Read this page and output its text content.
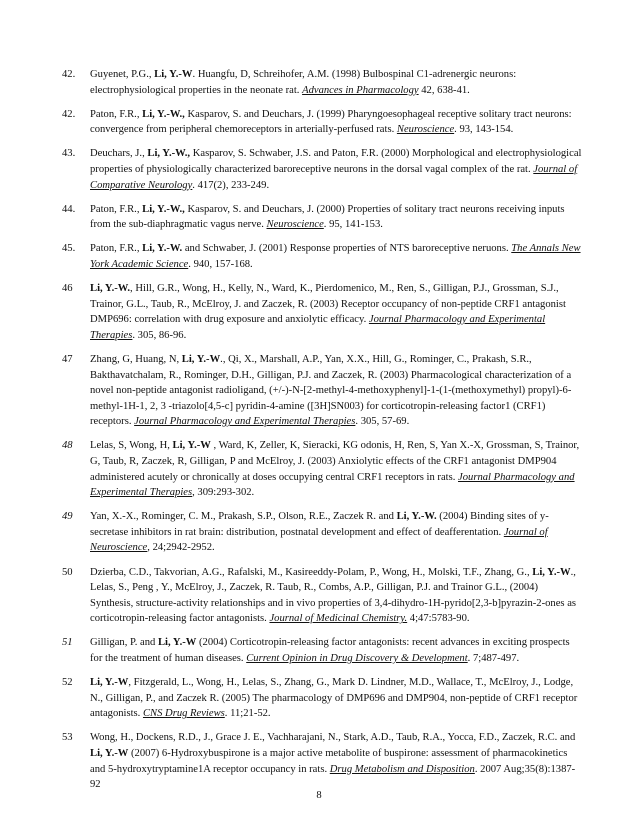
42. Guyenet, P.G., Li, Y.-W. Huangfu, D, Schreihofer, A.M. (1998) Bulbospinal C1-adrenergic neurons: electrophysiological properties in the neonate rat. Advances in Pharmacology 42, 638-41.
42. Paton, F.R., Li, Y.-W., Kasparov, S. and Deuchars, J. (1999) Pharyngoesophageal receptive solitary tract neurons: convergence from peripheral chemoreceptors in arterially-perfused rats. Neuroscience. 93, 143-154.
43. Deuchars, J., Li, Y.-W., Kasparov, S. Schwaber, J.S. and Paton, F.R. (2000) Morphological and electrophysiological properties of physiologically characterized baroreceptive neurons in the dorsal vagal complex of the rat. Journal of Comparative Neurology. 417(2), 233-249.
44. Paton, F.R., Li, Y.-W., Kasparov, S. and Deuchars, J. (2000) Properties of solitary tract neurons receiving inputs from the sub-diaphragmatic vagus nerve. Neuroscience. 95, 141-153.
45. Paton, F.R., Li, Y.-W. and Schwaber, J. (2001) Response properties of NTS baroreceptive neruons. The Annals New York Academic Science. 940, 157-168.
46 Li, Y.-W., Hill, G.R., Wong, H., Kelly, N., Ward, K., Pierdomenico, M., Ren, S., Gilligan, P.J., Grossman, S.J., Trainor, G.L., Taub, R., McElroy, J. and Zaczek, R. (2003) Receptor occupancy of non-peptide CRF1 antagonist DMP696: correlation with drug exposure and anxiolytic efficacy. Journal Pharmacology and Experimental Therapies. 305, 86-96.
47 Zhang, G, Huang, N, Li, Y.-W., Qi, X., Marshall, A.P., Yan, X.X., Hill, G., Rominger, C., Prakash, S.R., Bakthavatchalam, R., Rominger, D.H., Gilligan, P.J. and Zaczek, R. (2003) Pharmacological characterization of a novel non-peptide antagonist radioligand, (+/-)-N-[2-methyl-4-methoxyphenyl]-1-(1-(methoxymethyl) propyl)-6-methyl-1H-1, 2, 3 -triazolo[4,5-c] pyridin-4-amine ([3H]SN003) for corticotropin-releasing factor1 (CRF1) receptors. Journal Pharmacology and Experimental Therapies. 305, 57-69.
48 Lelas, S, Wong, H, Li, Y.-W , Ward, K, Zeller, K, Sieracki, KG odonis, H, Ren, S, Yan X.-X, Grossman, S, Trainor, G, Taub, R, Zaczek, R, Gilligan, P and McElroy, J. (2003) Anxiolytic effects of the CRF1 antagonist DMP904 administered acutely or chronically at doses occupying central CRF1 receptors in rats. Journal Pharmacology and Experimental Therapies, 309:293-302.
49 Yan, X.-X., Rominger, C. M., Prakash, S.P., Olson, R.E., Zaczek R. and Li, Y.-W. (2004) Binding sites of y-secretase inhibitors in rat brain: distribution, postnatal development and effect of deafferentation. Journal of Neuroscience, 24;2942-2952.
50 Dzierba, C.D., Takvorian, A.G., Rafalski, M., Kasireeddy-Polam, P., Wong, H., Molski, T.F., Zhang, G., Li, Y.-W., Lelas, S., Peng , Y., McElroy, J., Zaczek, R. Taub, R., Combs, A.P., Gilligan, P.J. and Trainor G.L., (2004) Synthesis, structure-activity relationships and in vivo properties of 3,4-dihydro-1H-pyrido[2,3-b]pyrazin-2-ones as corticotropin-releasing factor antagonists. Journal of Medicinal Chemistry. 4;47:5783-90.
51 Gilligan, P. and Li, Y.-W (2004) Corticotropin-releasing factor antagonists: recent advances in exciting prospects for the treatment of human diseases. Current Opinion in Drug Discovery & Development. 7;487-497.
52 Li, Y.-W, Fitzgerald, L., Wong, H., Lelas, S., Zhang, G., Mark D. Lindner, M.D., Wallace, T., McElroy, J., Lodge, N., Gilligan, P., and Zaczek R. (2005) The pharmacology of DMP696 and DMP904, non-peptide of CRF1 receptor antagonists. CNS Drug Reviews. 11;21-52.
53 Wong, H., Dockens, R.D., J., Grace J. E., Vachharajani, N., Stark, A.D., Taub, R.A., Yocca, F.D., Zaczek, R.C. and Li, Y.-W (2007) 6-Hydroxybuspirone is a major active metabolite of buspirone: assessment of pharmacokinetics and 5-hydroxytryptamine1A receptor occupancy in rats. Drug Metabolism and Disposition. 2007 Aug;35(8):1387-92
8
